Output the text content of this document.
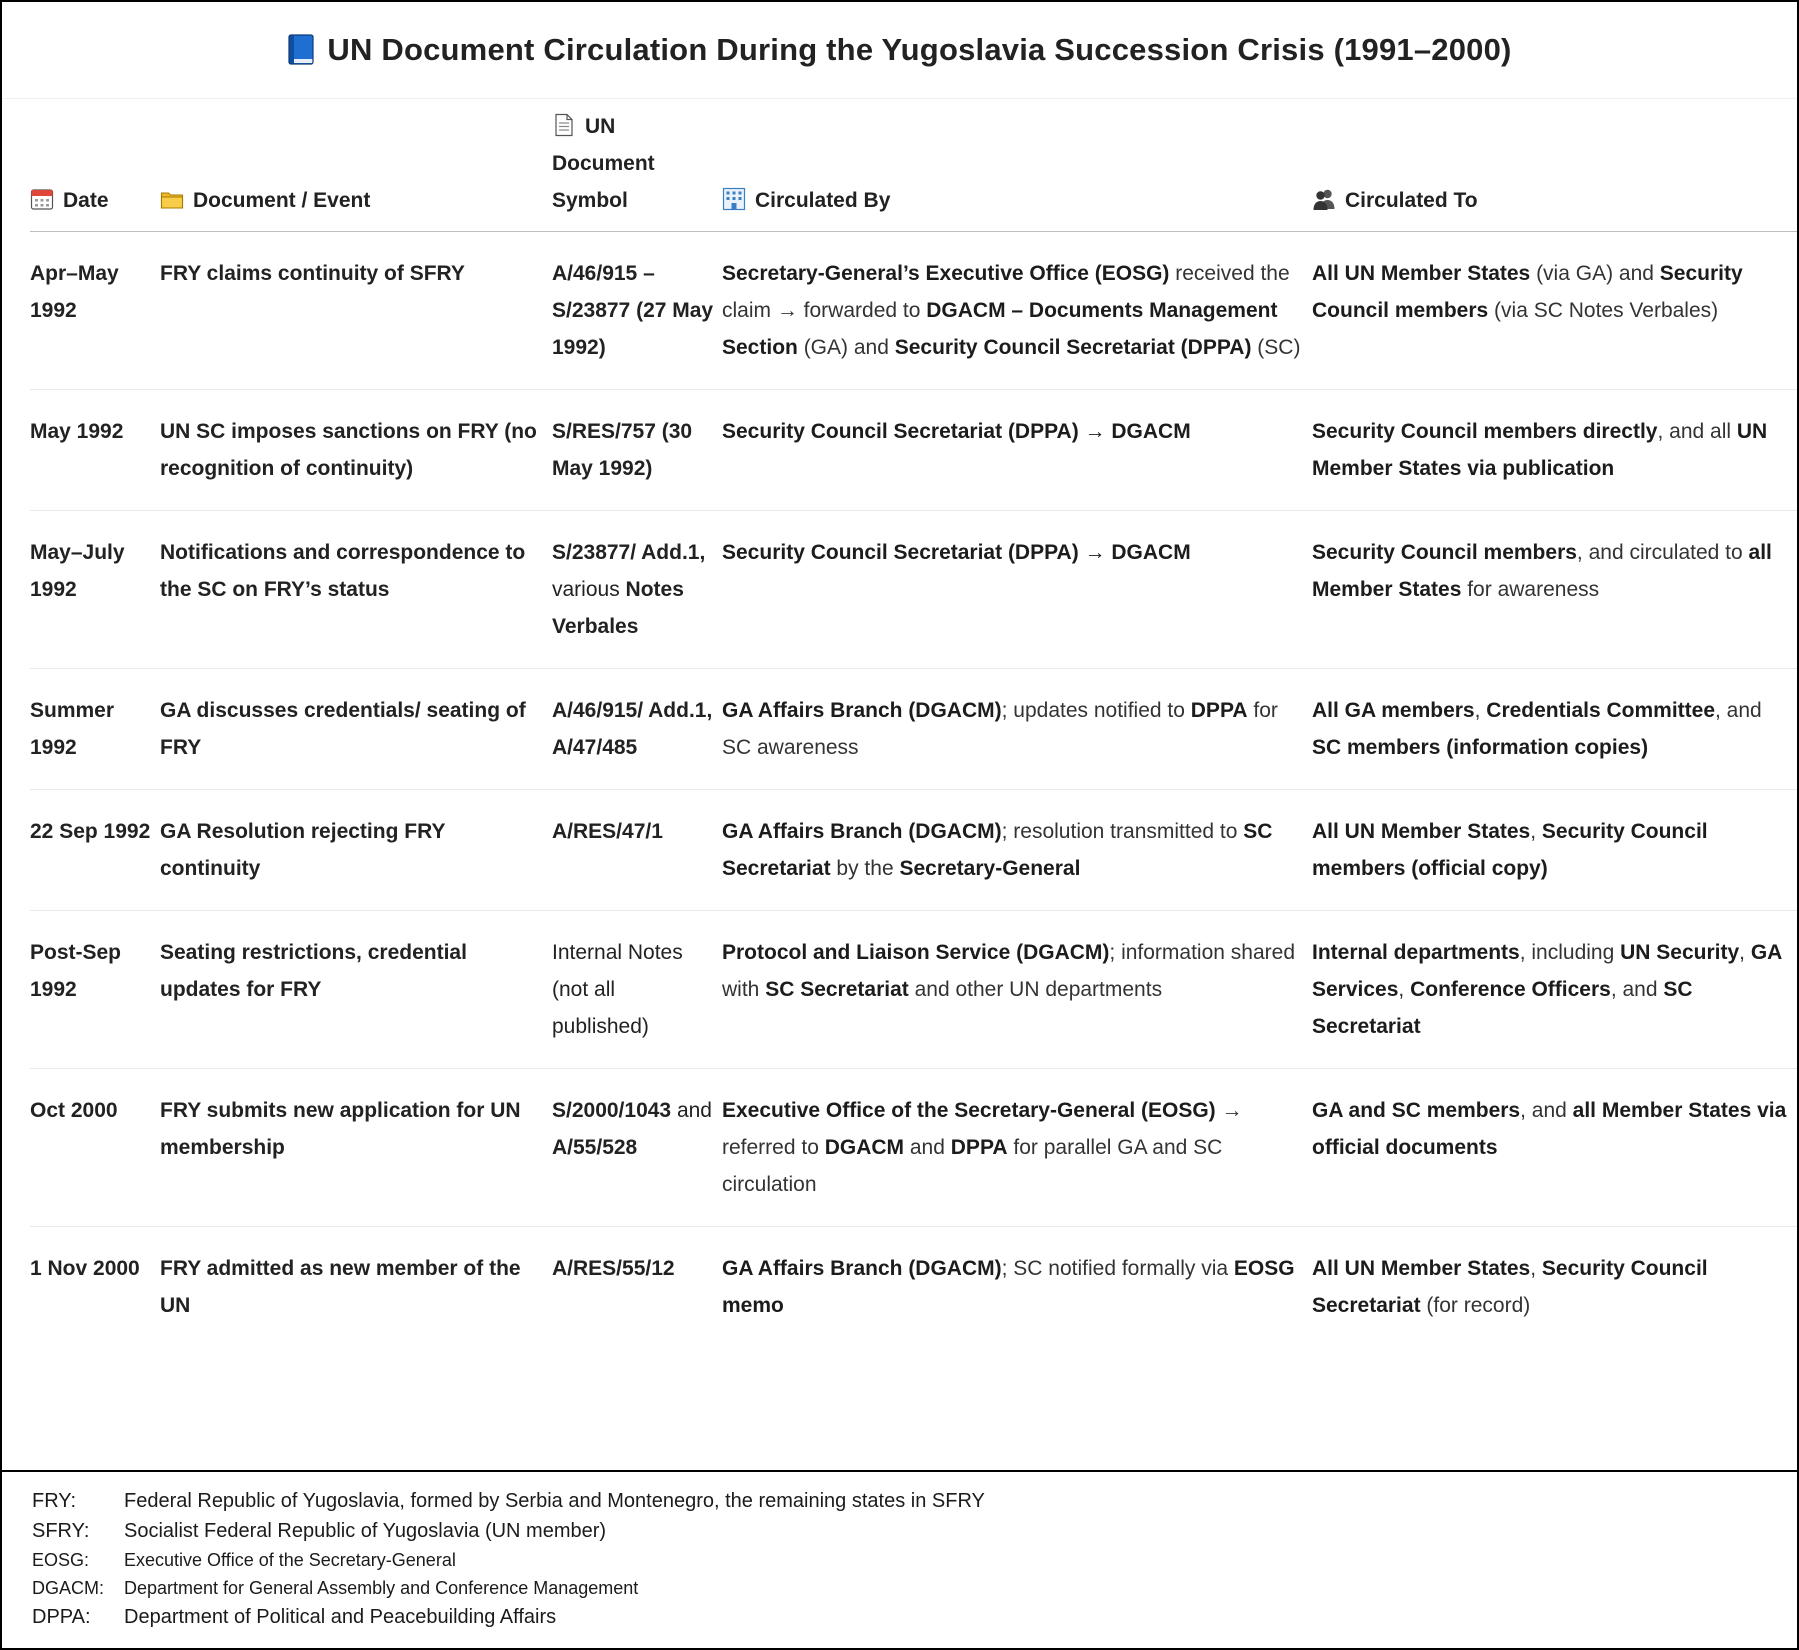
UN Document Circulation During the Yugoslavia Succession Crisis (1991–2000)
Date	Document / Event	UN Document Symbol	Circulated By	Circulated To
Apr–May 1992	FRY claims continuity of SFRY	A/46/915 – S/23877 (27 May 1992)	Secretary-General’s Executive Office (EOSG) received the claim → forwarded to DGACM – Documents Management Section (GA) and Security Council Secretariat (DPPA) (SC)	All UN Member States (via GA) and Security Council members (via SC Notes Verbales)
May 1992	UN SC imposes sanctions on FRY (no recognition of continuity)	S/RES/757 (30 May 1992)	Security Council Secretariat (DPPA) → DGACM	Security Council members directly, and all UN Member States via publication
May–July 1992	Notifications and correspondence to the SC on FRY’s status	S/23877/ Add.1, various Notes Verbales	Security Council Secretariat (DPPA) → DGACM	Security Council members, and circulated to all Member States for awareness
Summer 1992	GA discusses credentials/ seating of FRY	A/46/915/ Add.1, A/47/485	GA Affairs Branch (DGACM); updates notified to DPPA for SC awareness	All GA members, Credentials Committee, and SC members (information copies)
22 Sep 1992	GA Resolution rejecting FRY continuity	A/RES/47/1	GA Affairs Branch (DGACM); resolution transmitted to SC Secretariat by the Secretary-General	All UN Member States, Security Council members (official copy)
Post-Sep 1992	Seating restrictions, credential updates for FRY	Internal Notes (not all published)	Protocol and Liaison Service (DGACM); information shared with SC Secretariat and other UN departments	Internal departments, including UN Security, GA Services, Conference Officers, and SC Secretariat
Oct 2000	FRY submits new application for UN membership	S/2000/1043 and A/55/528	Executive Office of the Secretary-General (EOSG) → referred to DGACM and DPPA for parallel GA and SC circulation	GA and SC members, and all Member States via official documents
1 Nov 2000	FRY admitted as new member of the UN	A/RES/55/12	GA Affairs Branch (DGACM); SC notified formally via EOSG memo	All UN Member States, Security Council Secretariat (for record)
FRY:	Federal Republic of Yugoslavia, formed by Serbia and Montenegro, the remaining states in SFRY
SFRY:	Socialist Federal Republic of Yugoslavia (UN member)
EOSG:	Executive Office of the Secretary-General
DGACM:	Department for General Assembly and Conference Management
DPPA:	Department of Political and Peacebuilding Affairs
